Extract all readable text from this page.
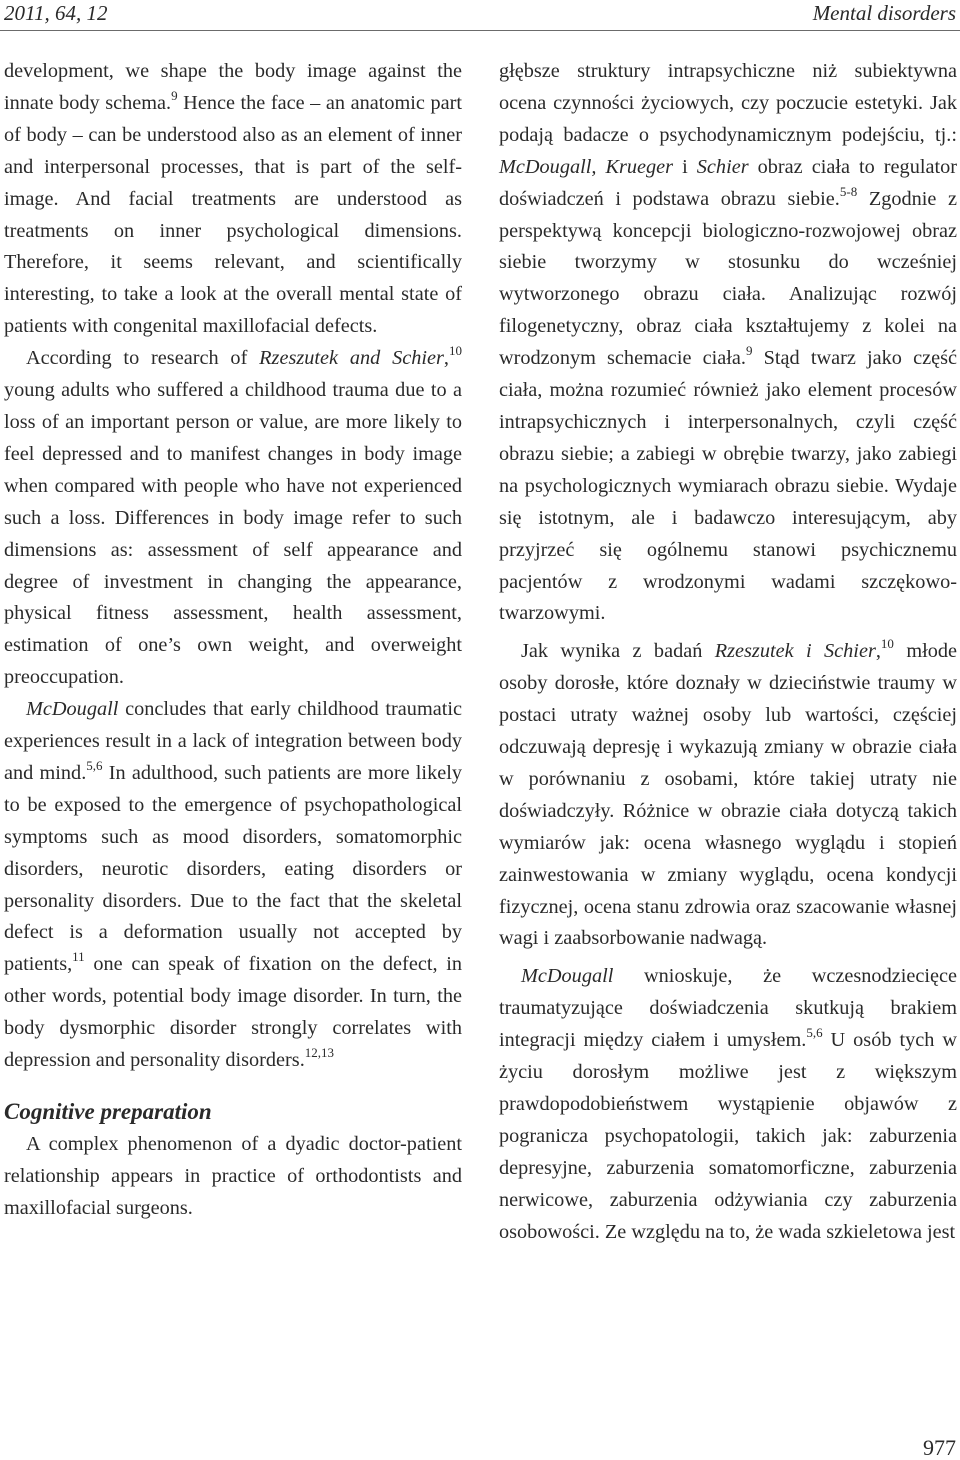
2011, 64, 12	Mental disorders

development, we shape the body image against the innate body schema.$^9$ Hence the face – an anatomic part of body – can be understood also as an element of inner and interpersonal processes, that is part of the self-image. And facial treatments are understood as treatments on inner psychological dimensions. Therefore, it seems relevant, and scientifically interesting, to take a look at the overall mental state of patients with congenital maxillofacial defects.

According to research of Rzeszutek and Schier,$^{10}$ young adults who suffered a childhood trauma due to a loss of an important person or value, are more likely to feel depressed and to manifest changes in body image when compared with people who have not experienced such a loss. Differences in body image refer to such dimensions as: assessment of self appearance and degree of investment in changing the appearance, physical fitness assessment, health assessment, estimation of one’s own weight, and overweight preoccupation.

McDougall concludes that early childhood traumatic experiences result in a lack of integration between body and mind.$^{5,6}$ In adulthood, such patients are more likely to be exposed to the emergence of psychopathological symptoms such as mood disorders, somatomorphic disorders, neurotic disorders, eating disorders or personality disorders. Due to the fact that the skeletal defect is a deformation usually not accepted by patients,$^{11}$ one can speak of fixation on the defect, in other words, potential body image disorder. In turn, the body dysmorphic disorder strongly correlates with depression and personality disorders.$^{12,13}$

Cognitive preparation

A complex phenomenon of a dyadic doctor-patient relationship appears in practice of orthodontists and maxillofacial surgeons.

głębsze struktury intrapsychiczne niż subiektywna ocena czynności życiowych, czy poczucie estetyki. Jak podają badacze o psychodynamicznym podejściu, tj.: McDougall, Krueger i Schier obraz ciała to regulator doświadczeń i podstawa obrazu siebie.$^{5-8}$ Zgodnie z perspektywą koncepcji biologiczno-rozwojowej obraz siebie tworzymy w stosunku do wcześniej wytworzonego obrazu ciała. Analizując rozwój filogenetyczny, obraz ciała kształtujemy z kolei na wrodzonym schemacie ciała.$^9$ Stąd twarz jako część ciała, można rozumieć również jako element procesów intrapsychicznych i interpersonalnych, czyli część obrazu siebie; a zabiegi w obrębie twarzy, jako zabiegi na psychologicznych wymiarach obrazu siebie. Wydaje się istotnym, ale i badawczo interesującym, aby przyjrzeć się ogólnemu stanowi psychicznemu pacjentów z wrodzonymi wadami szczękowo-twarzowymi.

Jak wynika z badań Rzeszutek i Schier,$^{10}$ młode osoby dorosłe, które doznały w dzieciństwie traumy w postaci utraty ważnej osoby lub wartości, częściej odczuwają depresję i wykazują zmiany w obrazie ciała w porównaniu z osobami, które takiej utraty nie doświadczyły. Różnice w obrazie ciała dotyczą takich wymiarów jak: ocena własnego wyglądu i stopień zainwestowania w zmiany wyglądu, ocena kondycji fizycznej, ocena stanu zdrowia oraz szacowanie własnej wagi i zaabsorbowanie nadwagą.

McDougall wnioskuje, że wczesnodziecięce traumatyzujące doświadczenia skutkują brakiem integracji między ciałem i umysłem.$^{5,6}$ U osób tych w życiu dorosłym możliwe jest z większym prawdopodobieństwem wystąpienie objawów z pogranicza psychopatologii, takich jak: zaburzenia depresyjne, zaburzenia somatomorficzne, zaburzenia nerwicowe, zaburzenia odżywiania czy zaburzenia osobowości. Ze względu na to, że wada szkieletowa jest

977
